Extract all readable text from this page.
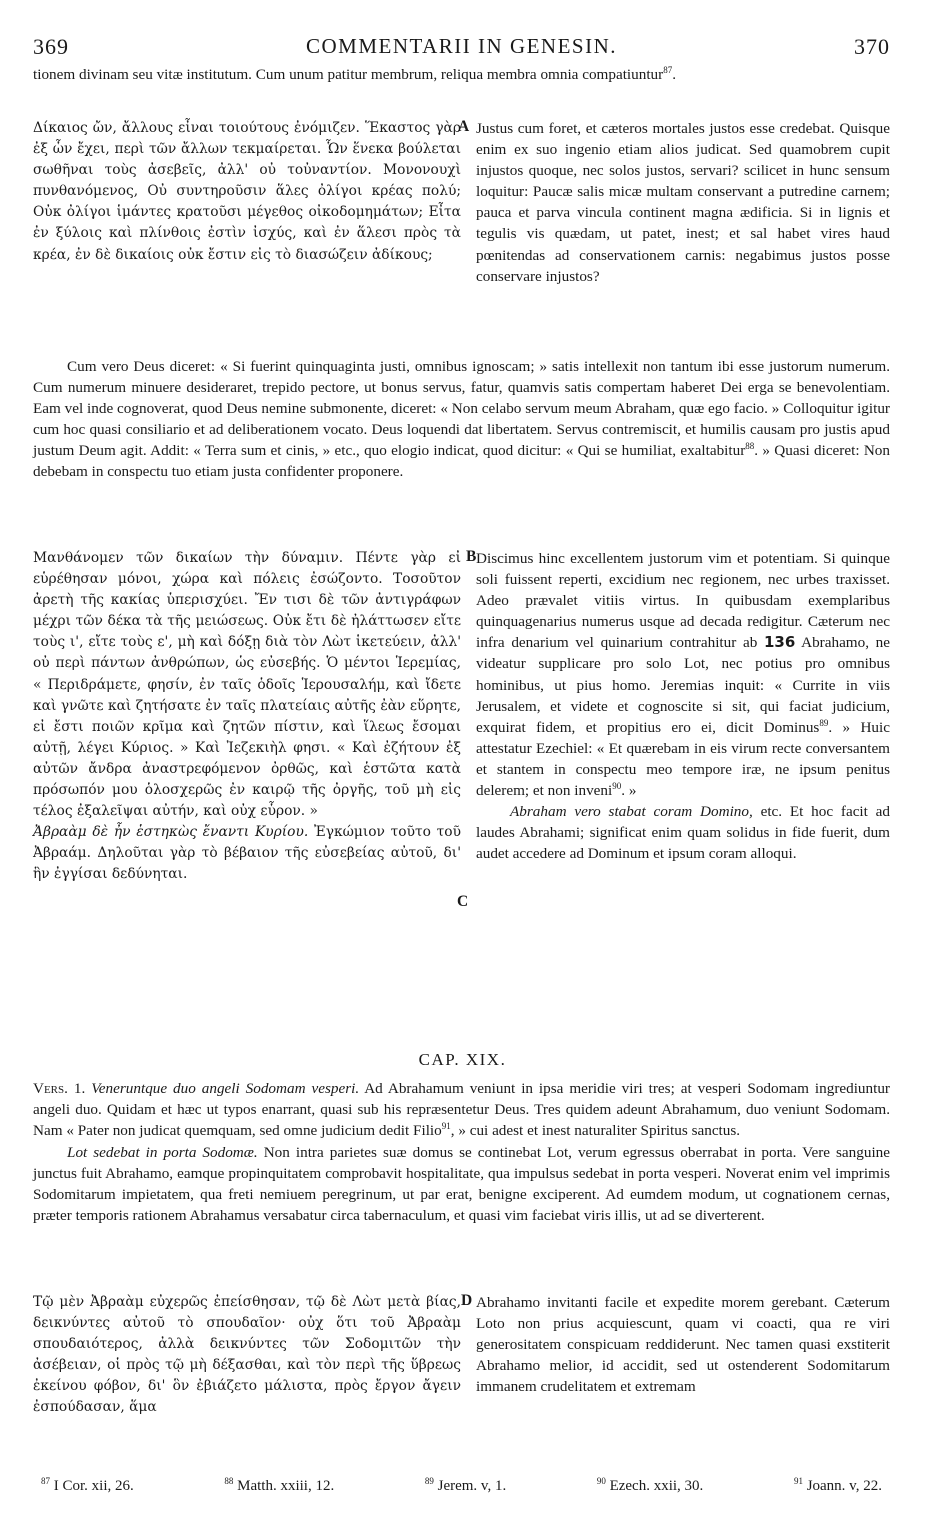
369	COMMENTARII IN GENESIN.	370
tionem divinam seu vitæ institutum. Cum unum patitur membrum, reliqua membra omnia compatiuntur$^{87}$.
Δίκαιος ὤν, ἄλλους εἶναι τοιούτους ἐνόμιζεν. Ἕκαστος γὰρ ἐξ ὧν ἔχει, περὶ τῶν ἄλλων τεκμαίρεται. Ὧν ἕνεκα βούλεται σωθῆναι τοὺς ἀσεβεῖς, ἀλλ' οὐ τοὐναντίον. Μονονουχὶ πυνθανόμενος, Οὐ συντηροῦσιν ἅλες ὀλίγοι κρέας πολύ; Οὐκ ὀλίγοι ἱμάντες κρατοῦσι μέγεθος οἰκοδομημάτων; Εἶτα ἐν ξύλοις καὶ πλίνθοις ἐστὶν ἰσχύς, καὶ ἐν ἅλεσι πρὸς τὰ κρέα, ἐν δὲ δικαίοις οὐκ ἔστιν εἰς τὸ διασώζειν ἀδίκους;
A Justus cum foret, et cæteros mortales justos esse credebat. Quisque enim ex suo ingenio etiam alios judicat. Sed quamobrem cupit injustos quoque, nec solos justos, servari? scilicet in hunc sensum loquitur: Paucæ salis micæ multam conservant a putredine carnem; pauca et parva vincula continent magna ædificia. Si in lignis et tegulis vis quædam, ut patet, inest; et sal habet vires haud pœnitendas ad conservationem carnis: negabimus justos posse conservare injustos?
Cum vero Deus diceret: « Si fuerint quinquaginta justi, omnibus ignoscam; » satis intellexit non tantum ibi esse justorum numerum. Cum numerum minuere desideraret, trepido pectore, ut bonus servus, fatur, quamvis satis compertam haberet Dei erga se benevolentiam. Eam vel inde cognoverat, quod Deus nemine submonente, diceret: « Non celabo servum meum Abraham, quæ ego facio. » Colloquitur igitur cum hoc quasi consiliario et ad deliberationem vocato. Deus loquendi dat libertatem. Servus contremiscit, et humilis causam pro justis apud justum Deum agit. Addit: « Terra sum et cinis, » etc., quo elogio indicat, quod dicitur: « Qui se humiliat, exaltabitur$^{88}$. » Quasi diceret: Non debebam in conspectu tuo etiam justa confidenter proponere.

Μανθάνομεν τῶν δικαίων τὴν δύναμιν. Πέντε γὰρ εἰ εὑρέθησαν μόνοι, χώρα καὶ πόλεις ἐσώζοντο. Τοσοῦτον ἀρετὴ τῆς κακίας ὑπερισχύει. Ἔν τισι δὲ τῶν ἀντιγράφων μέχρι τῶν δέκα τὰ τῆς μειώσεως. Οὐκ ἔτι δὲ ἠλάττωσεν εἴτε τοὺς ι', εἴτε τοὺς ε', μὴ καὶ δόξῃ διὰ τὸν Λὼτ ἱκετεύειν, ἀλλ' οὐ περὶ πάντων ἀνθρώπων, ὡς εὐσεβής. Ὁ μέντοι Ἱερεμίας, « Περιδράμετε, φησίν, ἐν ταῖς ὁδοῖς Ἱερουσαλήμ, καὶ ἴδετε καὶ γνῶτε καὶ ζητήσατε ἐν ταῖς πλατείαις αὐτῆς ἐὰν εὕρητε, εἰ ἔστι ποιῶν κρῖμα καὶ ζητῶν πίστιν, καὶ ἵλεως ἔσομαι αὐτῇ, λέγει Κύριος. » Καὶ Ἰεζεκιὴλ φησι. « Καὶ ἐζήτουν ἐξ αὐτῶν ἄνδρα ἀναστρεφόμενον ὀρθῶς, καὶ ἑστῶτα κατὰ πρόσωπόν μου ὁλοσχερῶς ἐν καιρῷ τῆς ὀργῆς, τοῦ μὴ εἰς τέλος ἐξαλεῖψαι αὐτήν, καὶ οὐχ εὗρον. »

Ἀβραὰμ δὲ ἦν ἑστηκὼς ἔναντι Κυρίου. Ἐγκώμιον τοῦτο τοῦ Ἀβραάμ. Δηλοῦται γὰρ τὸ βέβαιον τῆς εὐσεβείας αὐτοῦ, δι' ἣν ἐγγίσαι δεδύνηται.

B
C

Discimus hinc excellentem justorum vim et potentiam. Si quinque soli fuissent reperti, excidium nec regionem, nec urbes traxisset. Adeo prævalet vitiis virtus. In quibusdam exemplaribus quinquagenarius numerus usque ad decada redigitur. Cæterum nec infra denarium vel quinarium contrahitur ab 136 Abrahamo, ne videatur supplicare pro solo Lot, nec potius pro omnibus hominibus, ut pius homo. Jeremias inquit: « Currite in viis Jerusalem, et videte et cognoscite si sit, qui faciat judicium, exquirat fidem, et propitius ero ei, dicit Dominus$^{89}$. » Huic attestatur Ezechiel: « Et quærebam in eis virum recte conversantem et stantem in conspectu meo tempore iræ, ne ipsum penitus delerem; et non inveni$^{90}$. »

Abraham vero stabat coram Domino, etc. Et hoc facit ad laudes Abrahami; significat enim quam solidus in fide fuerit, dum audet accedere ad Dominum et ipsum coram alloqui.

CAP. XIX.
Vers. 1. Veneruntque duo angeli Sodomam vesperi. Ad Abrahamum veniunt in ipsa meridie viri tres; at vesperi Sodomam ingrediuntur angeli duo. Quidam et hæc ut typos enarrant, quasi sub his repræsentetur Deus. Tres quidem adeunt Abrahamum, duo veniunt Sodomam. Nam « Pater non judicat quemquam, sed omne judicium dedit Filio$^{91}$, » cui adest et inest naturaliter Spiritus sanctus.
Lot sedebat in porta Sodomæ. Non intra parietes suæ domus se continebat Lot, verum egressus oberrabat in porta. Vere sanguine junctus fuit Abrahamo, eamque propinquitatem comprobavit hospitalitate, qua impulsus sedebat in porta vesperi. Noverat enim vel imprimis Sodomitarum impietatem, qua freti nemiuem peregrinum, ut par erat, benigne exciperent. Ad eumdem modum, ut cognationem cernas, præter temporis rationem Abrahamus versabatur circa tabernaculum, et quasi vim faciebat viris illis, ut ad se diverterent.
Τῷ μὲν Ἀβραὰμ εὐχερῶς ἐπείσθησαν, τῷ δὲ Λὼτ μετὰ βίας, δεικνύντες αὐτοῦ τὸ σπουδαῖον· οὐχ ὅτι τοῦ Ἀβραὰμ σπουδαιότερος, ἀλλὰ δεικνύντες τῶν Σοδομιτῶν τὴν ἀσέβειαν, οἱ πρὸς τῷ μὴ δέξασθαι, καὶ τὸν περὶ τῆς ὕβρεως ἐκείνου φόβον, δι' ὃν ἐβιάζετο μάλιστα, πρὸς ἔργον ἄγειν ἐσπούδασαν, ἅμα
D Abrahamo invitanti facile et expedite morem gerebant. Cæterum Loto non prius acquiescunt, quam vi coacti, qua re viri generositatem conspicuam reddiderunt. Nec tamen quasi exstiterit Abrahamo melior, id accidit, sed ut ostenderent Sodomitarum immanem crudelitatem et extremam
$^{87}$ I Cor. xii, 26.	$^{88}$ Matth. xxiii, 12.	$^{89}$ Jerem. v, 1.	$^{90}$ Ezech. xxii, 30.	$^{91}$ Joann. v, 22.
